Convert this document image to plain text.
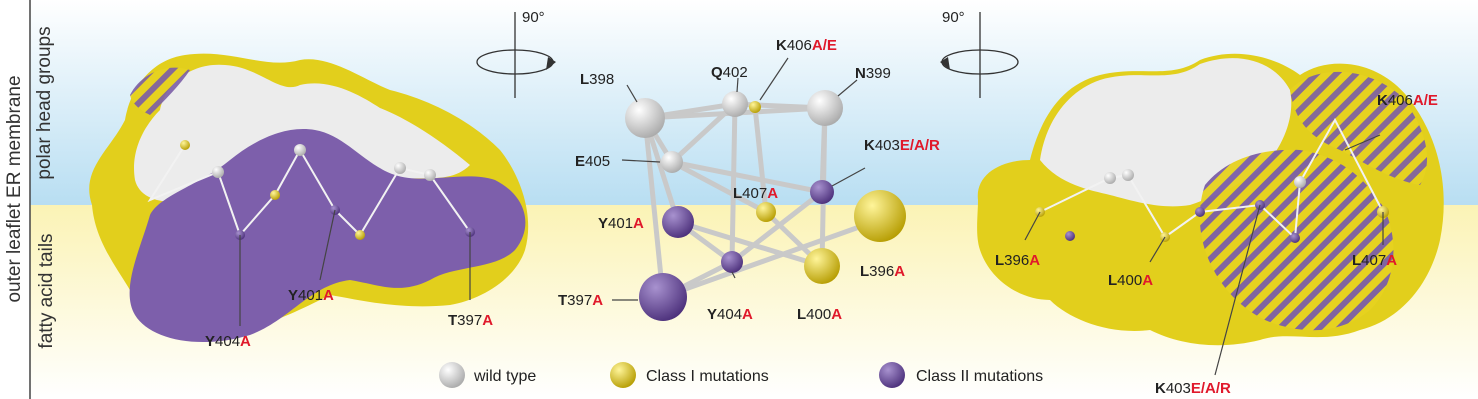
outer leaflet ER membrane polar head groups
fatty acid tails	Y404A
Y401A
T397A
90°	90°
L398	Q402
K406A/E
N399
E405
K403E/A/R
L407A
Y401A
L396A
T397A
Y404A	L400A
K406A/E
L396A
L400A
L407A
K403E/A/R
wild type	Class I mutations	Class II mutations
